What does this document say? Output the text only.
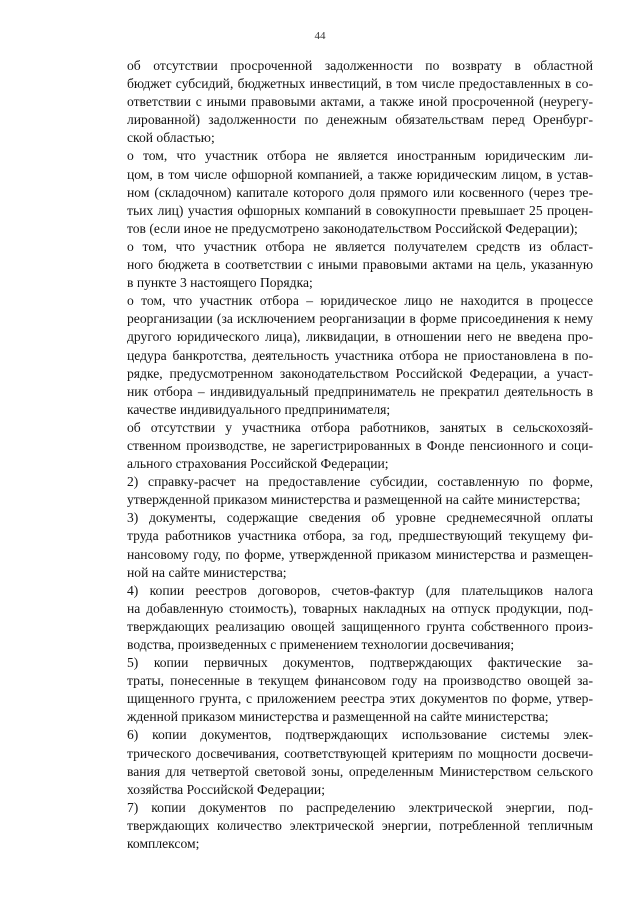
44

об отсутствии просроченной задолженности по возврату в областной
бюджет субсидий, бюджетных инвестиций, в том числе предоставленных в со-
ответствии с иными правовыми актами, а также иной просроченной (неурегу-
лированной) задолженности по денежным обязательствам перед Оренбург-
ской областью;

о том, что участник отбора не является иностранным юридическим ли-
цом, в том числе офшорной компанией, а также юридическим лицом, в устав-
ном (складочном) капитале которого доля прямого или косвенного (через тре-
тьих лиц) участия офшорных компаний в совокупности превышает 25 процен-
тов (если иное не предусмотрено законодательством Российской Федерации);

о том, что участник отбора не является получателем средств из област-
ного бюджета в соответствии с иными правовыми актами на цель, указанную
в пункте 3 настоящего Порядка;

о том, что участник отбора – юридическое лицо не находится в процессе
реорганизации (за исключением реорганизации в форме присоединения к нему
другого юридического лица), ликвидации, в отношении него не введена про-
цедура банкротства, деятельность участника отбора не приостановлена в по-
рядке, предусмотренном законодательством Российской Федерации, а участ-
ник отбора – индивидуальный предприниматель не прекратил деятельность в
качестве индивидуального предпринимателя;

об отсутствии у участника отбора работников, занятых в сельскохозяй-
ственном производстве, не зарегистрированных в Фонде пенсионного и соци-
ального страхования Российской Федерации;

2) справку-расчет на предоставление субсидии, составленную по форме,
утвержденной приказом министерства и размещенной на сайте министерства;

3) документы, содержащие сведения об уровне среднемесячной оплаты
труда работников участника отбора, за год, предшествующий текущему фи-
нансовому году, по форме, утвержденной приказом министерства и размещен-
ной на сайте министерства;

4) копии реестров договоров, счетов-фактур (для плательщиков налога
на добавленную стоимость), товарных накладных на отпуск продукции, под-
тверждающих реализацию овощей защищенного грунта собственного произ-
водства, произведенных с применением технологии досвечивания;

5) копии первичных документов, подтверждающих фактические за-
траты, понесенные в текущем финансовом году на производство овощей за-
щищенного грунта, с приложением реестра этих документов по форме, утвер-
жденной приказом министерства и размещенной на сайте министерства;

6) копии документов, подтверждающих использование системы элек-
трического досвечивания, соответствующей критериям по мощности досвечи-
вания для четвертой световой зоны, определенным Министерством сельского
хозяйства Российской Федерации;

7) копии документов по распределению электрической энергии, под-
тверждающих количество электрической энергии, потребленной тепличным
комплексом;
